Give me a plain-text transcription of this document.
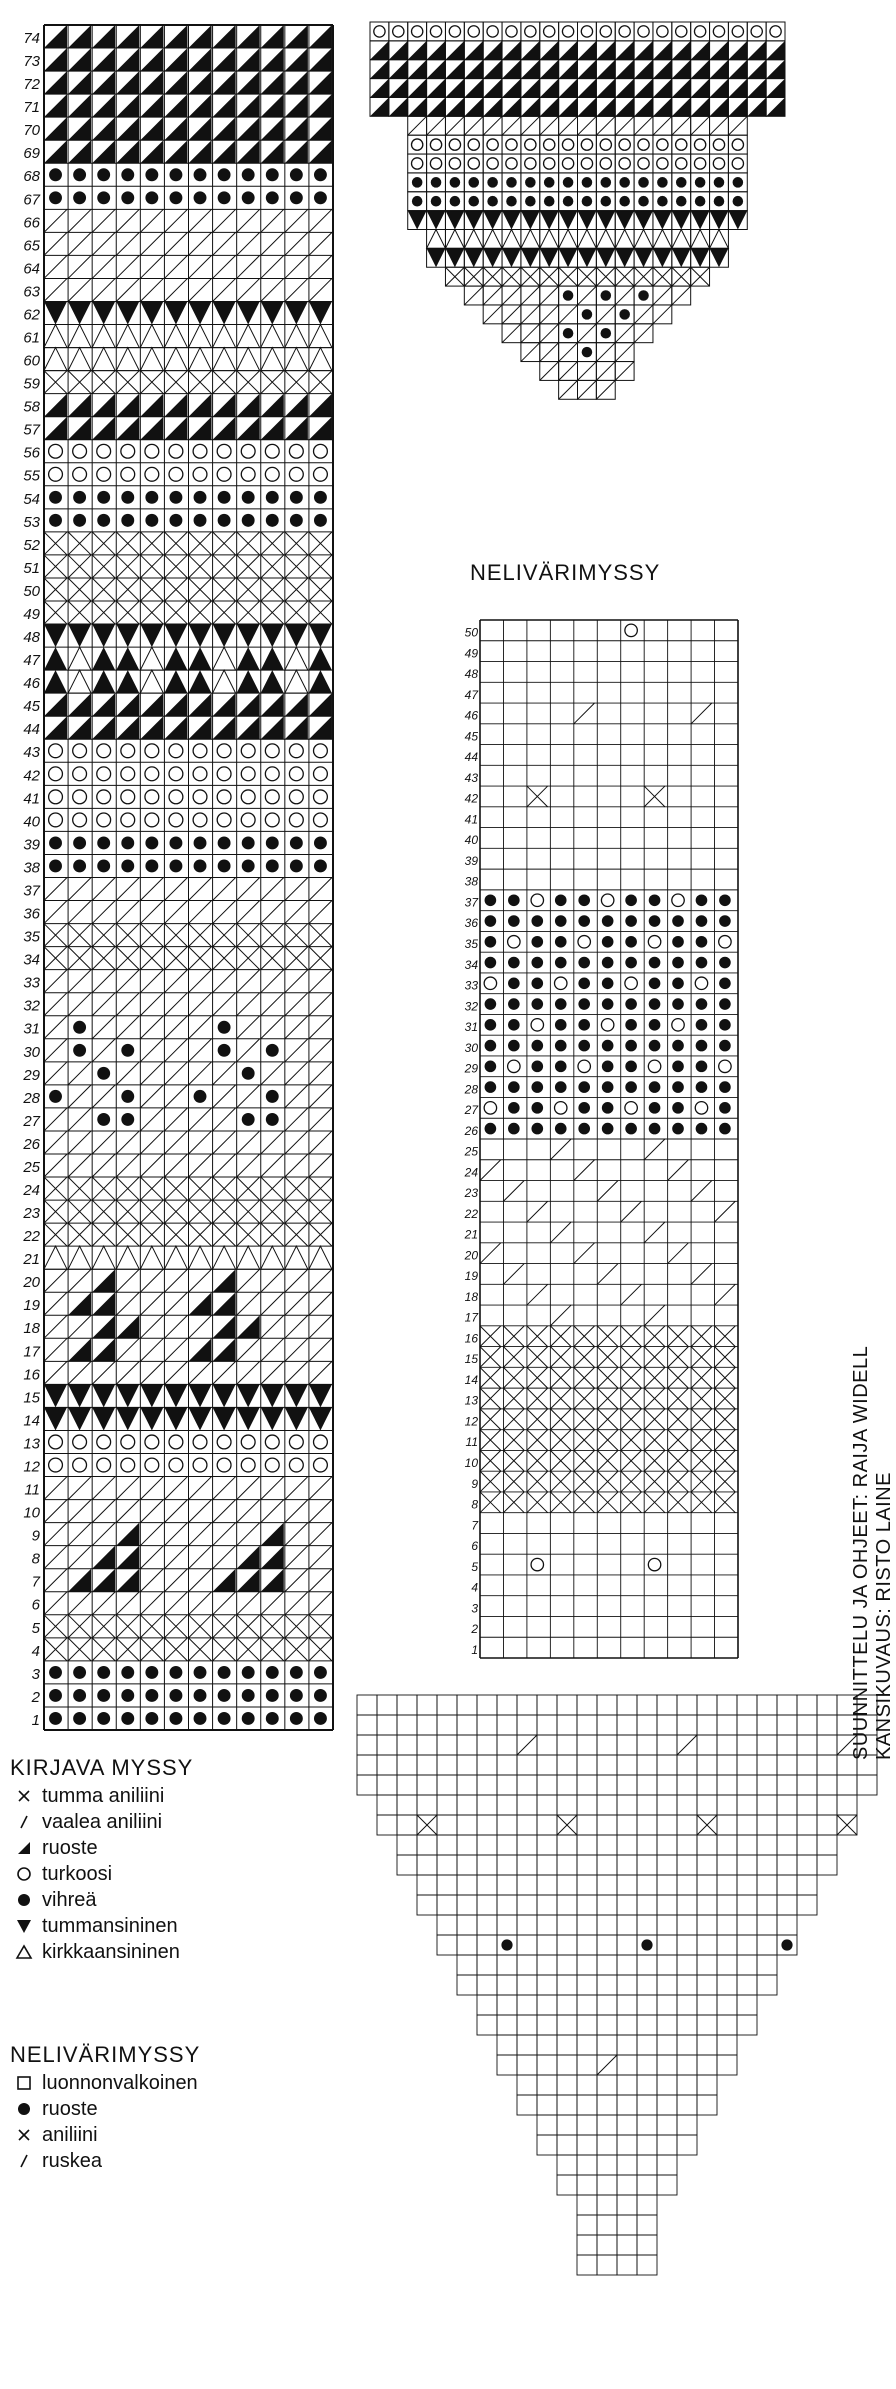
1
2
3
4
5
6
7
8
9
10
11
12
13
14
15
16
17
18
19
20
21
22
23
24
25
26
27
28
29
30
31
32
33
34
35
36
37
38
39
40
41
42
43
44
45
46
47
48
49
50
51
52
53
54
55
56
57
58
59
60
61
62
63
64
65
66
67
68
69
70
71
72
73
74
1
2
3
4
5
6
7
8
9
10
11
12
13
14
15
16
17
18
19
20
21
22
23
24
25
26
27
28
29
30
31
32
33
34
35
36
37
38
39
40
41
42
43
44
45
46
47
48
49
50
NELIVÄRIMYSSY
SUUNNITTELU JA OHJEET: RAIJA WIDELL KANSIKUVAUS: RISTO LAINE
KIRJAVA MYSSY
tumma aniliini
vaalea aniliini
ruoste
turkoosi
vihreä
tummansininen
kirkkaansininen
NELIVÄRIMYSSY
luonnonvalkoinen
ruoste
aniliini
ruskea
